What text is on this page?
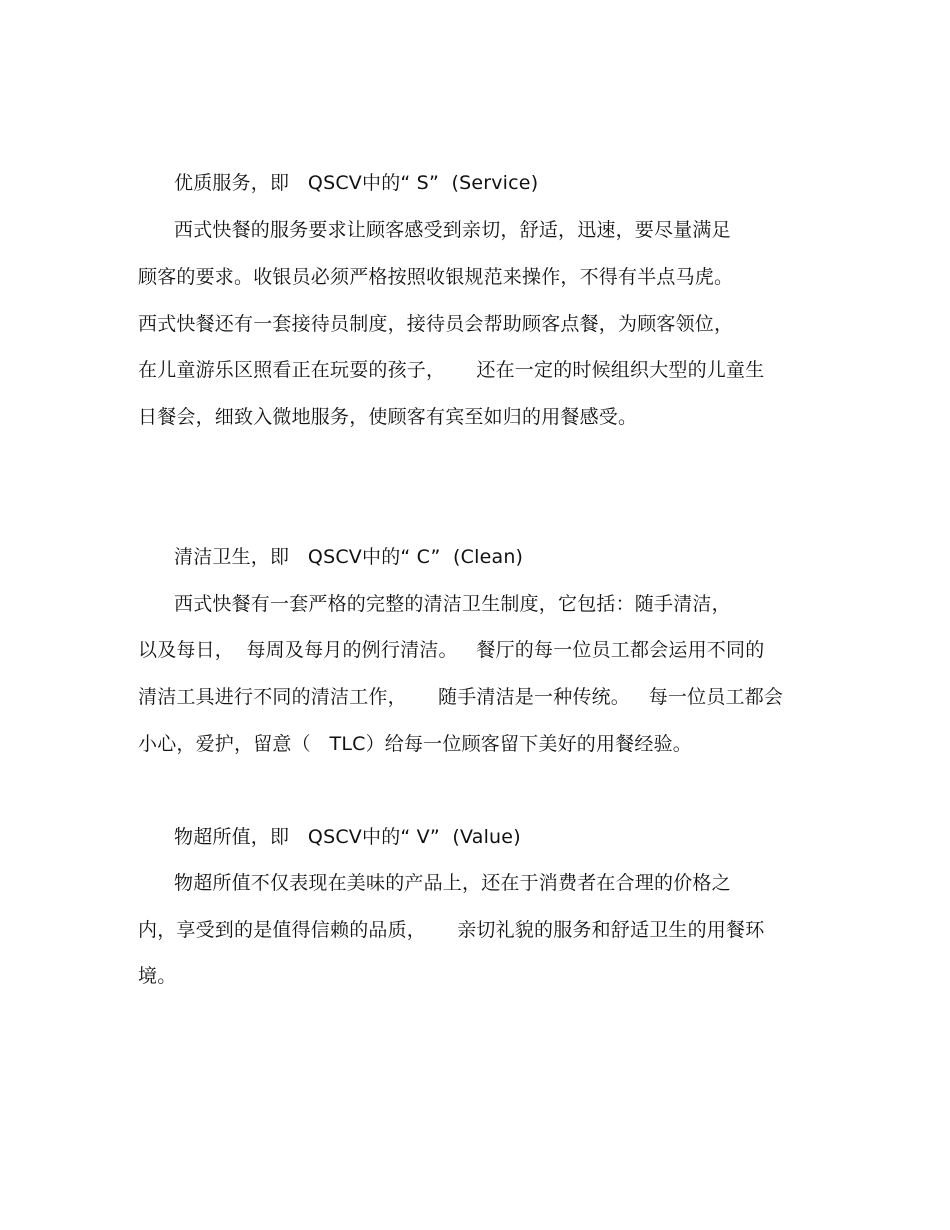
优质服务，即   QSCV中的“ S”  (Service)
西式快餐的服务要求让顾客感受到亲切，舒适，迅速，要尽量满足
顾客的要求。收银员必须严格按照收银规范来操作，不得有半点马虎。
西式快餐还有一套接待员制度，接待员会帮助顾客点餐，为顾客领位，
在儿童游乐区照看正在玩耍的孩子，     还在一定的时候组织大型的儿童生
日餐会，细致入微地服务，使顾客有宾至如归的用餐感受。
清洁卫生，即   QSCV中的“ C”  (Clean)
西式快餐有一套严格的完整的清洁卫生制度，它包括：随手清洁，
以及每日，  每周及每月的例行清洁。   餐厅的每一位员工都会运用不同的
清洁工具进行不同的清洁工作，     随手清洁是一种传统。   每一位员工都会
小心，爱护，留意（   TLC）给每一位顾客留下美好的用餐经验。
物超所值，即   QSCV中的“ V”  (Value)
物超所值不仅表现在美味的产品上，还在于消费者在合理的价格之
内，享受到的是值得信赖的品质，     亲切礼貌的服务和舒适卫生的用餐环
境。
